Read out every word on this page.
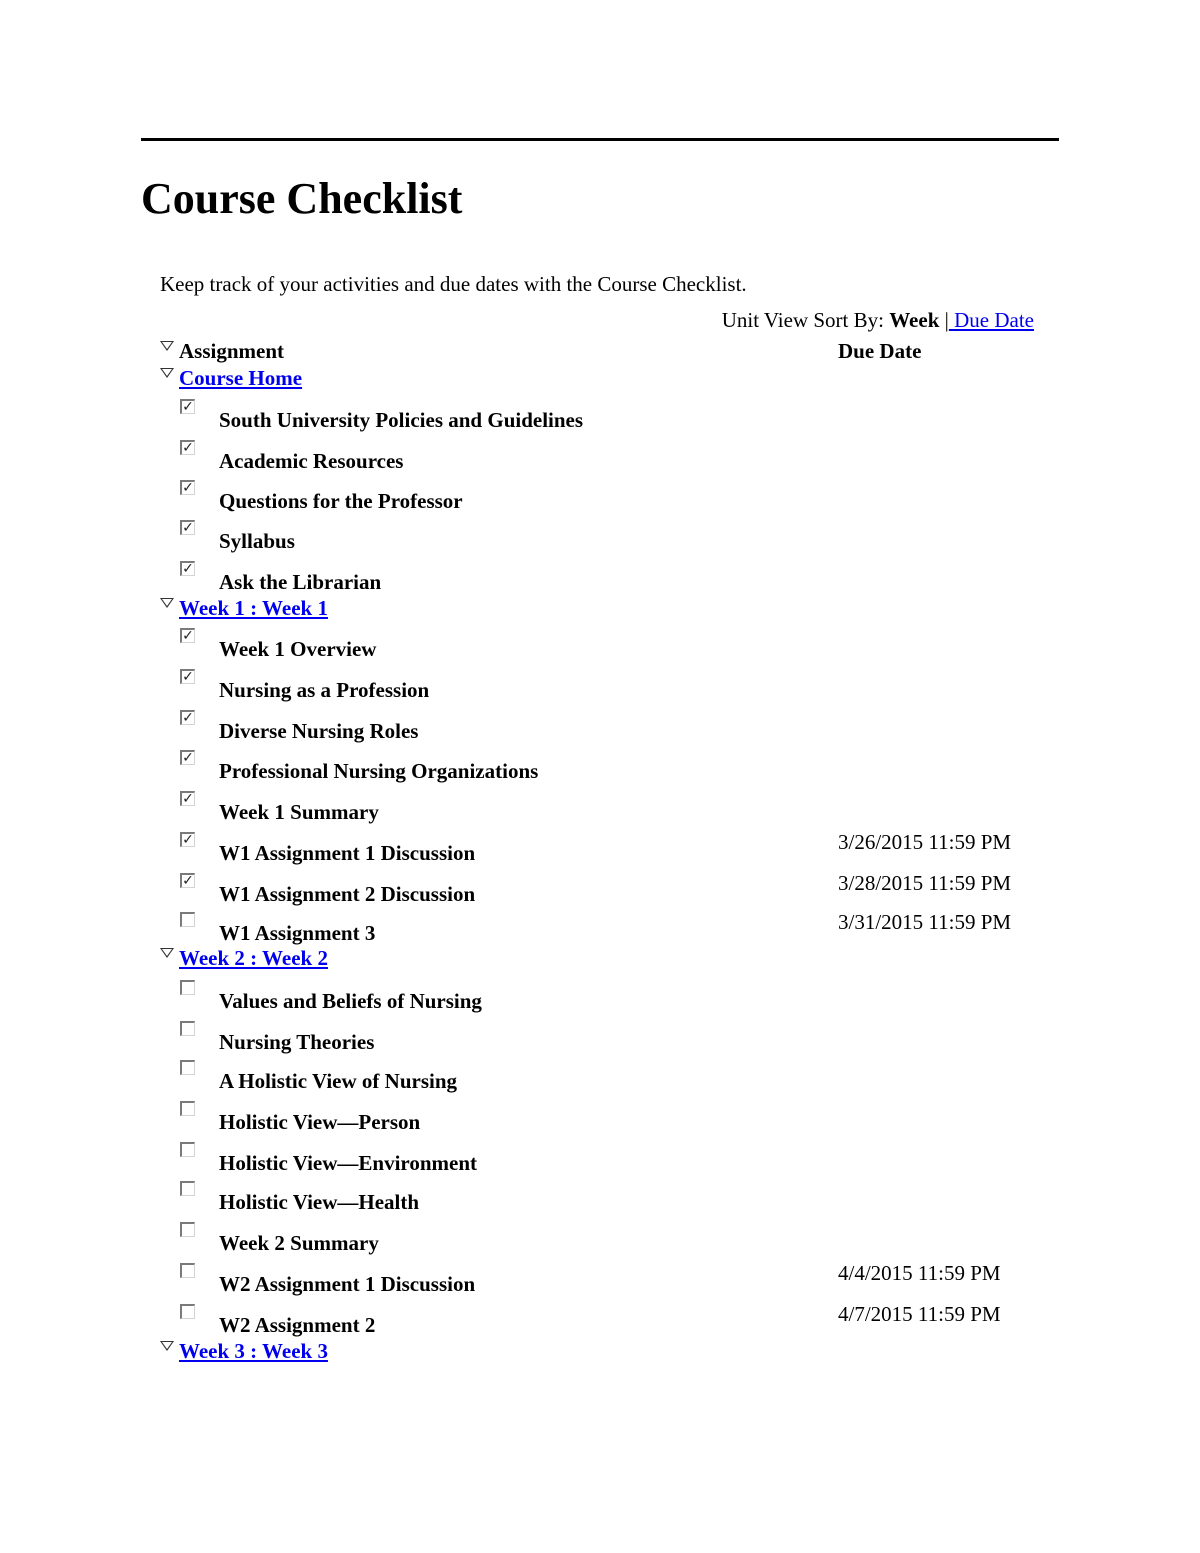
Course Checklist
Keep track of your activities and due dates with the Course Checklist.
Unit View Sort By: Week | Due Date
Assignment	Due Date
Course Home
✓
South University Policies and Guidelines
✓
Academic Resources
✓
Questions for the Professor
✓
Syllabus
✓
Ask the Librarian
Week 1 : Week 1
✓
Week 1 Overview
✓
Nursing as a Profession
✓
Diverse Nursing Roles
✓
Professional Nursing Organizations
✓
Week 1 Summary
✓
W1 Assignment 1 Discussion	3/26/2015 11:59 PM
✓
W1 Assignment 2 Discussion	3/28/2015 11:59 PM
W1 Assignment 3	3/31/2015 11:59 PM
Week 2 : Week 2
Values and Beliefs of Nursing
Nursing Theories
A Holistic View of Nursing
Holistic View—Person
Holistic View—Environment
Holistic View—Health
Week 2 Summary
W2 Assignment 1 Discussion	4/4/2015 11:59 PM
W2 Assignment 2	4/7/2015 11:59 PM
Week 3 : Week 3
